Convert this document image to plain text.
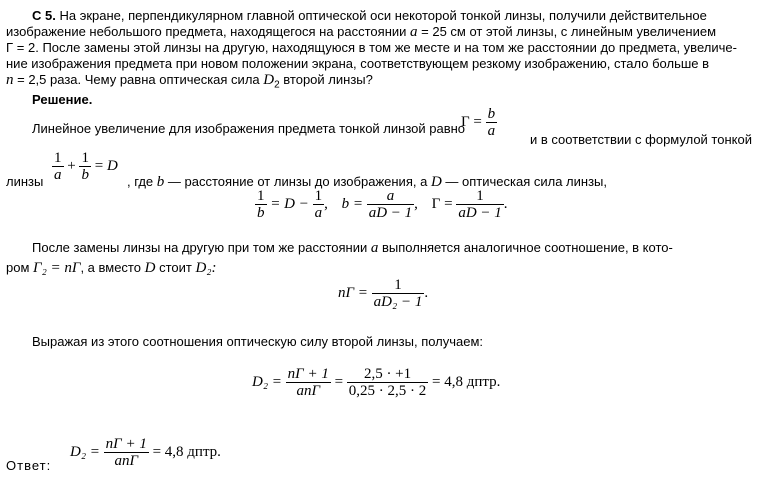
С 5. На экране, перпендикулярном главной оптической оси некоторой тонкой линзы, получили действительное
изображение небольшого предмета, находящегося на расстоянии a = 25 см от этой линзы, с линейным увеличением
Γ = 2. После замены этой линзы на другую, находящуюся в том же месте и на том же расстоянии до предмета, увеличе-
ние изображения предмета при новом положении экрана, соответствующем резкому изображению, стало больше в
n = 2,5 раза. Чему равна оптическая сила $D_2$ второй линзы?
Решение.
Линейное увеличение для изображения предмета тонкой линзой равно
$\Gamma = \frac{b}{a}$
и в соответствии с формулой тонкой
$\frac{1}{a} + \frac{1}{b} = D$
линзы	, где b — расстояние от линзы до изображения, а D — оптическая сила линзы,
$\frac{1}{b} = D - \frac{1}{a}$ , $b = \frac{a}{aD - 1}$ , $\Gamma = \frac{1}{aD - 1}$ .
После замены линзы на другую при том же расстоянии a выполняется аналогичное соотношение, в кото-
ром Γ₂ = nΓ, а вместо D стоит D₂:
$n\Gamma = \frac{1}{\text{aD₂ − 1}}$ .
Выражая из этого соотношения оптическую силу второй линзы, получаем:
$D_2 = \frac{n\Gamma + 1}{\text{anΓ}} = \frac{2,5 \cdot +1}{0,25 \cdot 2,5 \cdot 2} = 4,8$ дптр.
Ответ:
$D_2 = \frac{n\Gamma + 1}{\text{anΓ}} = 4,8$ дптр.
